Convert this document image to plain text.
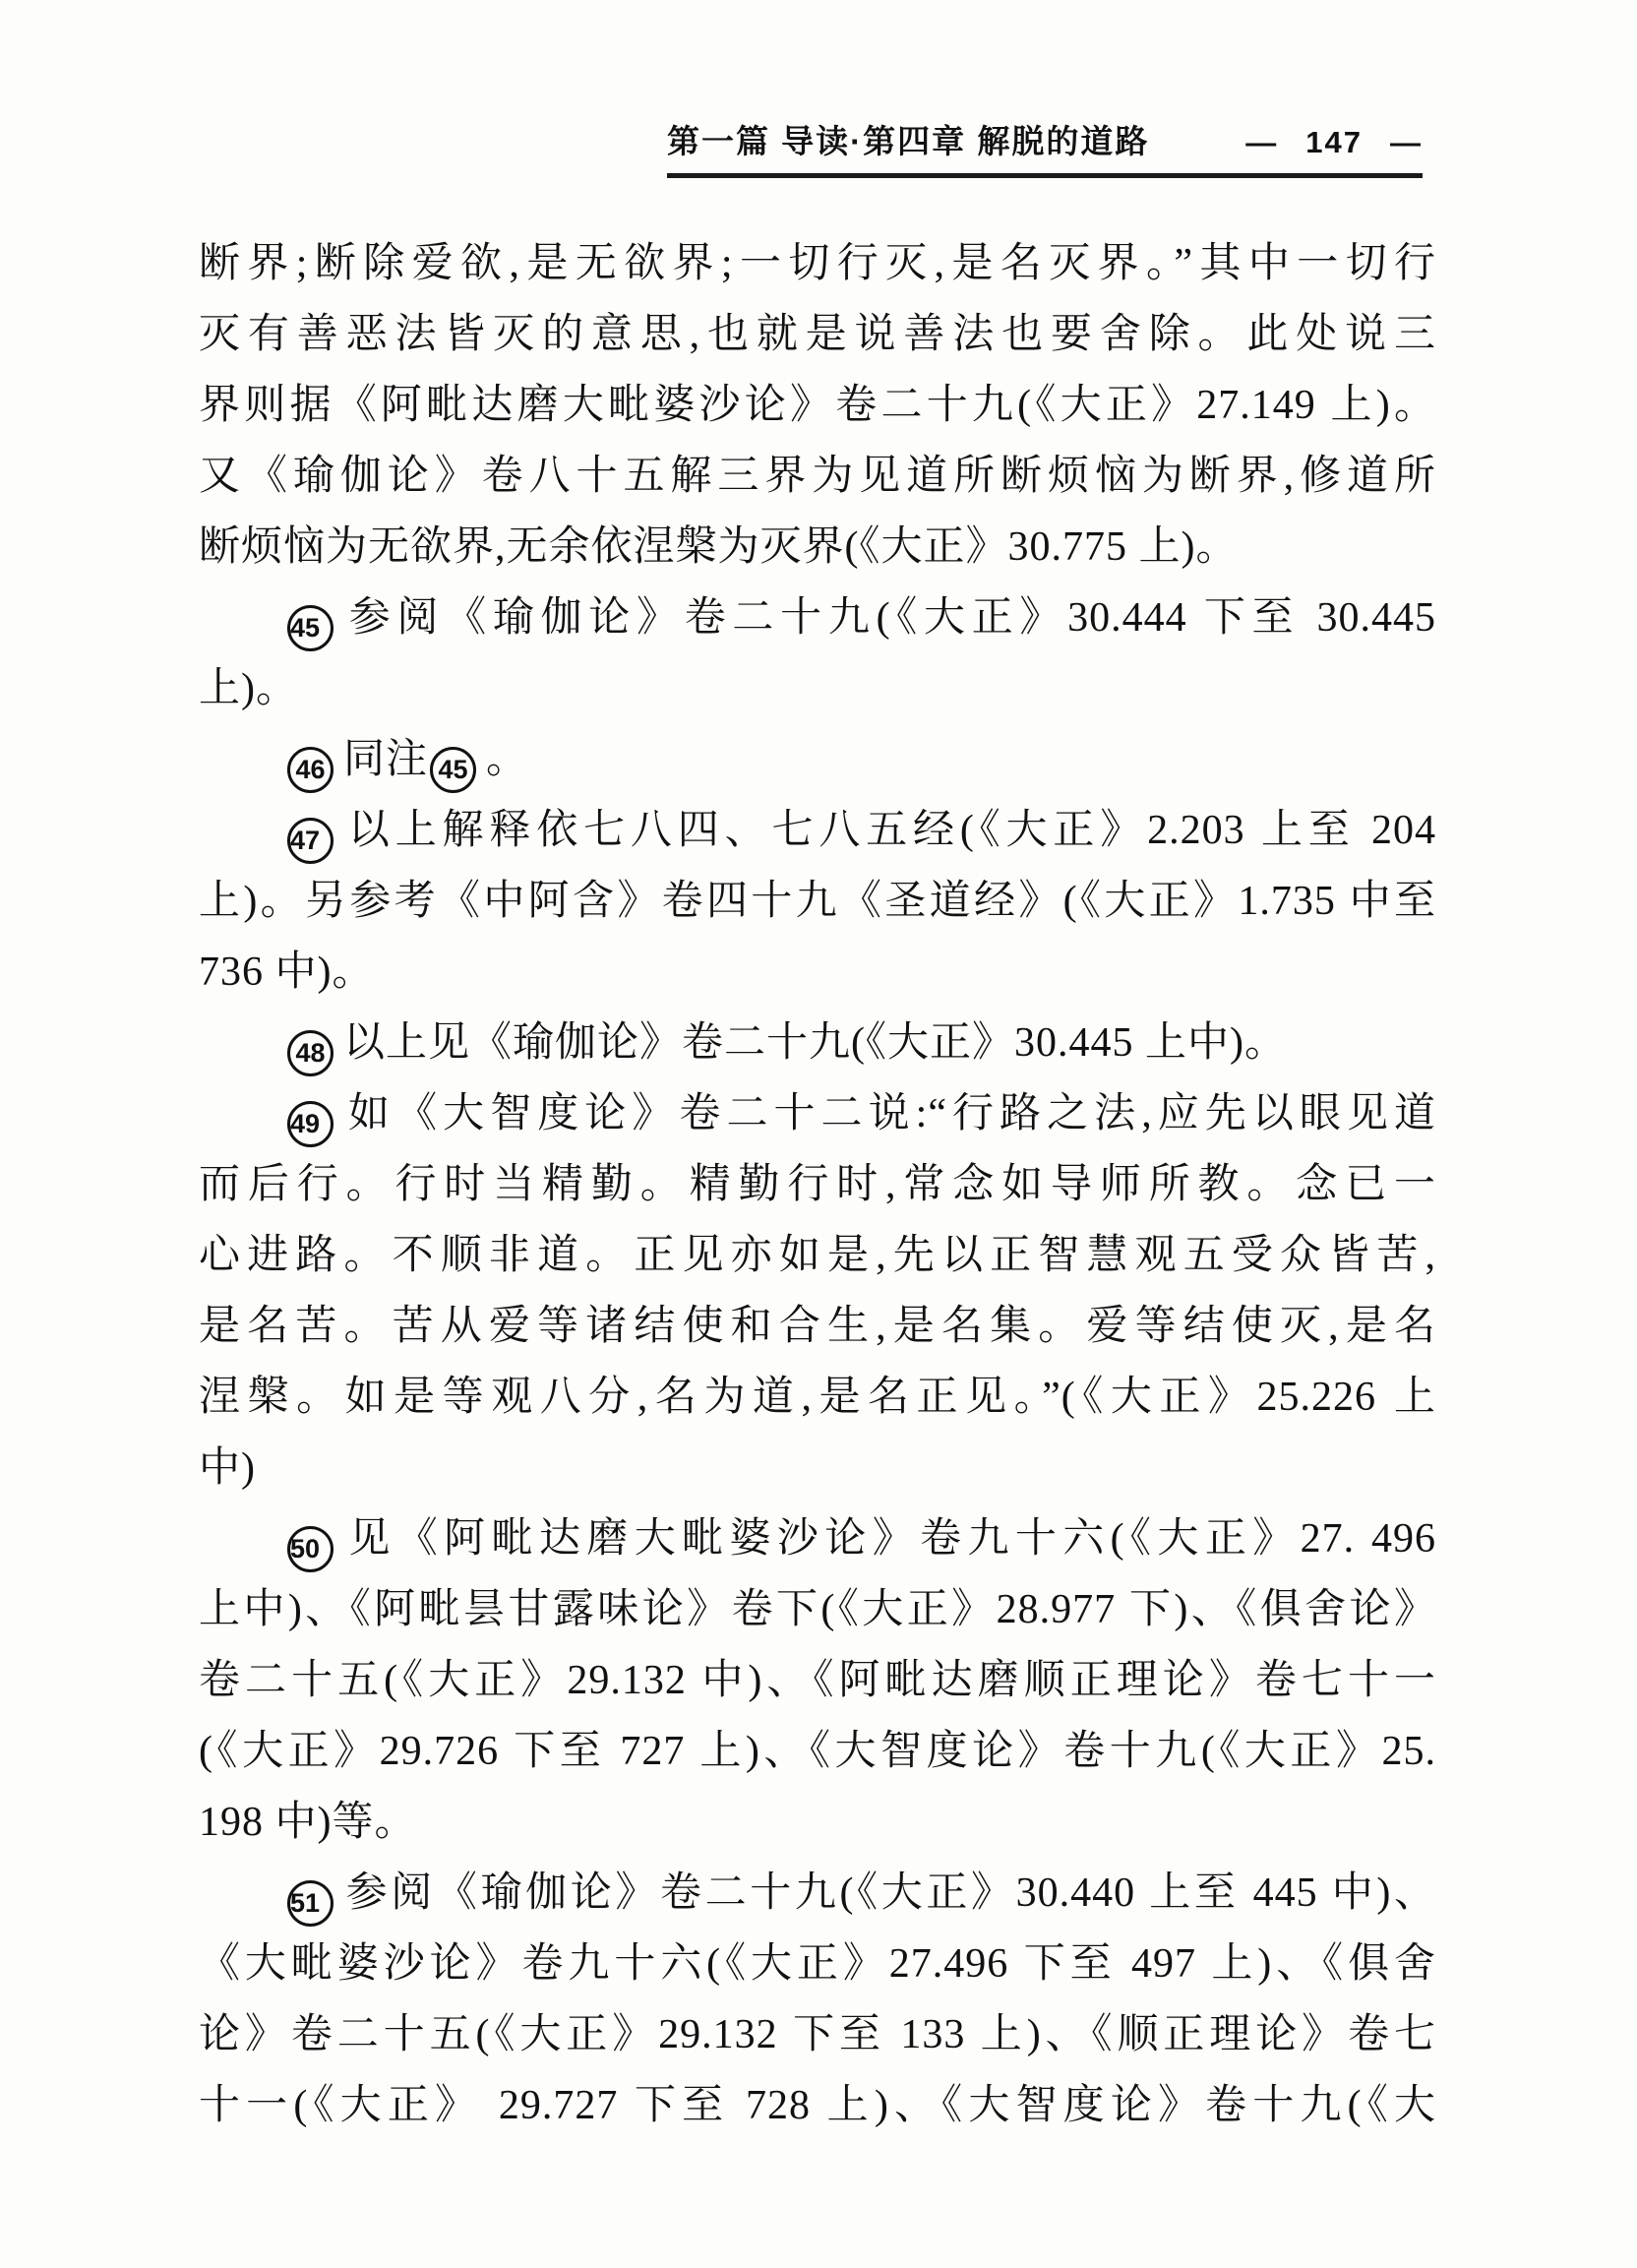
第一篇 导读·第四章 解脱的道路	— 147 —
断界;断除爱欲,是无欲界;一切行灭,是名灭界。”其中一切行
灭有善恶法皆灭的意思,也就是说善法也要舍除。此处说三
界则据《阿毗达磨大毗婆沙论》卷二十九(《大正》27.149 上)。
又《瑜伽论》卷八十五解三界为见道所断烦恼为断界,修道所
断烦恼为无欲界,无余依涅槃为灭界(《大正》30.775 上)。
45 参阅《瑜伽论》卷二十九(《大正》30.444 下至 30.445
上)。
46 同注 45 。
47 以上解释依七八四、七八五经(《大正》2.203 上至 204
上)。另参考《中阿含》卷四十九《圣道经》(《大正》1.735 中至
736 中)。
48 以上见《瑜伽论》卷二十九(《大正》30.445 上中)。
49 如《大智度论》卷二十二说:“行路之法,应先以眼见道
而后行。行时当精勤。精勤行时,常念如导师所教。念已一
心进路。不顺非道。正见亦如是,先以正智慧观五受众皆苦,
是名苦。苦从爱等诸结使和合生,是名集。爱等结使灭,是名
涅槃。如是等观八分,名为道,是名正见。”(《大正》25.226 上
中)
50 见《阿毗达磨大毗婆沙论》卷九十六(《大正》27. 496
上中)、《阿毗昙甘露味论》卷下(《大正》28.977 下)、《俱舍论》
卷二十五(《大正》29.132 中)、《阿毗达磨顺正理论》卷七十一
(《大正》29.726 下至 727 上)、《大智度论》卷十九(《大正》25.
198 中)等。
51 参阅《瑜伽论》卷二十九(《大正》30.440 上至 445 中)、
《大毗婆沙论》卷九十六(《大正》27.496 下至 497 上)、《俱舍
论》卷二十五(《大正》29.132 下至 133 上)、《顺正理论》卷七
十一(《大正》 29.727 下至 728 上)、《大智度论》卷十九(《大
